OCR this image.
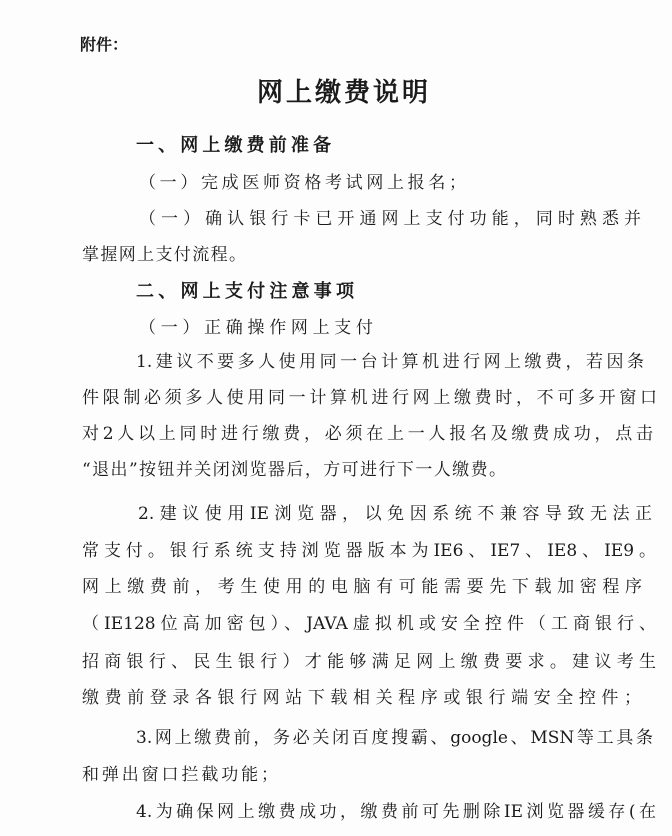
附件：
网上缴费说明
一、网上缴费前准备
（一）完成医师资格考试网上报名；
（一）确认银行卡已开通网上支付功能，同时熟悉并
掌握网上支付流程。
二、网上支付注意事项
（一）正确操作网上支付
1.建议不要多人使用同一台计算机进行网上缴费，若因条
件限制必须多人使用同一计算机进行网上缴费时，不可多开窗口
对2人以上同时进行缴费，必须在上一人报名及缴费成功，点击
“退出”按钮并关闭浏览器后，方可进行下一人缴费。
2.建议使用IE浏览器，以免因系统不兼容导致无法正
常支付。银行系统支持浏览器版本为IE6、IE7、IE8、IE9。
网上缴费前，考生使用的电脑有可能需要先下载加密程序
（IE128位高加密包）、JAVA虚拟机或安全控件（工商银行、
招商银行、民生银行）才能够满足网上缴费要求。建议考生
缴费前登录各银行网站下载相关程序或银行端安全控件；
3.网上缴费前，务必关闭百度搜霸、google、MSN等工具条
和弹出窗口拦截功能；
4.为确保网上缴费成功，缴费前可先删除IE浏览器缓存(在
